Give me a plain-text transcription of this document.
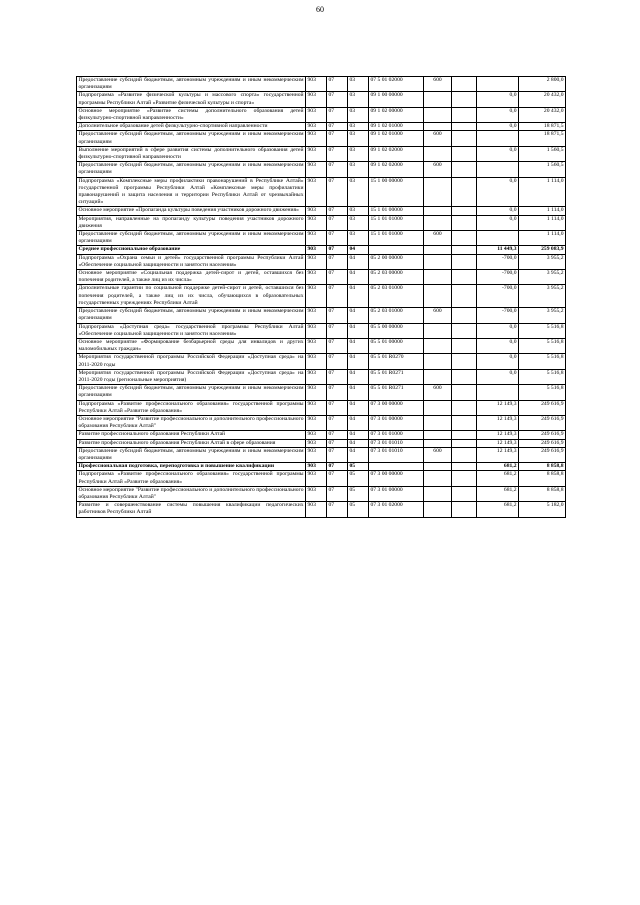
60
Предоставление субсидий бюджетным, автономным учреждениям и иным некоммерческим организациям	903	07	03	07 5 01 02000	600			2 800,0
Подпрограмма «Развитие физической культуры и массового спорта» государственной программы Республики Алтай «Развитие физической культуры и спорта»	903	07	03	09 1 00 00000			0,0	20 432,0
Основное мероприятие «Развитие системы дополнительного образования детей физкультурно-спортивной направленности»	903	07	03	09 1 02 00000			0,0	20 432,0
Дополнительное образование детей физкультурно-спортивной направленности	903	07	03	09 1 02 01000			0,0	18 871,5
Предоставление субсидий бюджетным, автономным учреждениям и иным некоммерческим организациям	903	07	03	09 1 02 01000	600			18 871,5
Выполнение мероприятий в сфере развития системы дополнительного образования детей физкультурно-спортивной направленности	903	07	03	09 1 02 02000			0,0	1 560,5
Предоставление субсидий бюджетным, автономным учреждениям и иным некоммерческим организациям	903	07	03	09 1 02 02000	600			1 560,5
Подпрограмма «Комплексные меры профилактики правонарушений в Республике Алтай» государственной программы Республики Алтай «Комплексные меры профилактики правонарушений и защита населения и территории Республики Алтай от чрезвычайных ситуаций»	903	07	03	15 1 00 00000			0,0	1 114,0
Основное мероприятие «Пропаганда культуры поведения участников дорожного движения»	903	07	03	15 1 01 00000			0,0	1 114,0
Мероприятия, направленные на пропаганду культуры поведения участников дорожного движения	903	07	03	15 1 01 01000			0,0	1 114,0
Предоставление субсидий бюджетным, автономным учреждениям и иным некоммерческим организациям	903	07	03	15 1 01 01000	600			1 114,0
Среднее профессиональное образование	903	07	04				11 449,3	259 083,9
Подпрограмма «Охрана семьи и детей» государственной программы Республики Алтай «Обеспечение социальной защищенности и занятости населения»	903	07	04	05 2 00 00000			-700,0	3 955,2
Основное мероприятие «Социальная поддержка детей-сирот и детей, оставшихся без попечения родителей, а также лиц из их числа»	903	07	04	05 2 03 00000			-700,0	3 955,2
Дополнительные гарантии по социальной поддержке детей-сирот и детей, оставшихся без попечения родителей, а также лиц из их числа, обучающихся в образовательных государственных учреждениях Республики Алтай	903	07	04	05 2 03 01000			-700,0	3 955,2
Предоставление субсидий бюджетным, автономным учреждениям и иным некоммерческим организациям	903	07	04	05 2 03 01000	600		-700,0	3 955,2
Подпрограмма «Доступная среда» государственной программы Республики Алтай «Обеспечение социальной защищенности и занятости населения»	903	07	04	05 5 00 00000			0,0	5 516,8
Основное мероприятие «Формирование безбарьерной среды для инвалидов и других маломобильных граждан»	903	07	04	05 5 01 00000			0,0	5 516,8
Мероприятия государственной программы Российской Федерации «Доступная среда» на 2011-2020 годы	903	07	04	05 5 01 R0270			0,0	5 516,8
Мероприятия государственной программы Российской Федерации «Доступная среда» на 2011-2020 годы (региональные мероприятия)	903	07	04	05 5 01 R0271			0,0	5 516,8
Предоставление субсидий бюджетным, автономным учреждениям и иным некоммерческим организациям	903	07	04	05 5 01 R0271	600			5 516,8
Подпрограмма «Развитие профессионального образования» государственной программы Республики Алтай «Развитие образования»	903	07	04	07 3 00 00000			12 149,3	249 616,9
Основное мероприятие "Развитие профессионального и дополнительного профессионального образования Республики Алтай"	903	07	04	07 3 01 00000			12 149,3	249 616,9
Развитие профессионального образования Республики Алтай	903	07	04	07 3 01 01000			12 149,3	249 616,9
Развитие профессионального образования Республики Алтай в сфере образования	903	07	04	07 3 01 01010			12 149,3	249 616,9
Предоставление субсидий бюджетным, автономным учреждениям и иным некоммерческим организациям	903	07	04	07 3 01 01010	600		12 149,3	249 616,9
Профессиональная подготовка, переподготовка и повышение квалификации	903	07	05				681,2	8 858,8
Подпрограмма «Развитие профессионального образования» государственной программы Республики Алтай «Развитие образования»	903	07	05	07 3 00 00000			681,2	8 858,8
Основное мероприятие "Развитие профессионального и дополнительного профессионального образования Республики Алтай"	903	07	05	07 3 01 00000			681,2	8 858,8
Развитие и совершенствование системы повышения квалификации педагогических работников Республики Алтай	903	07	05	07 3 01 02000			681,2	5 182,0
